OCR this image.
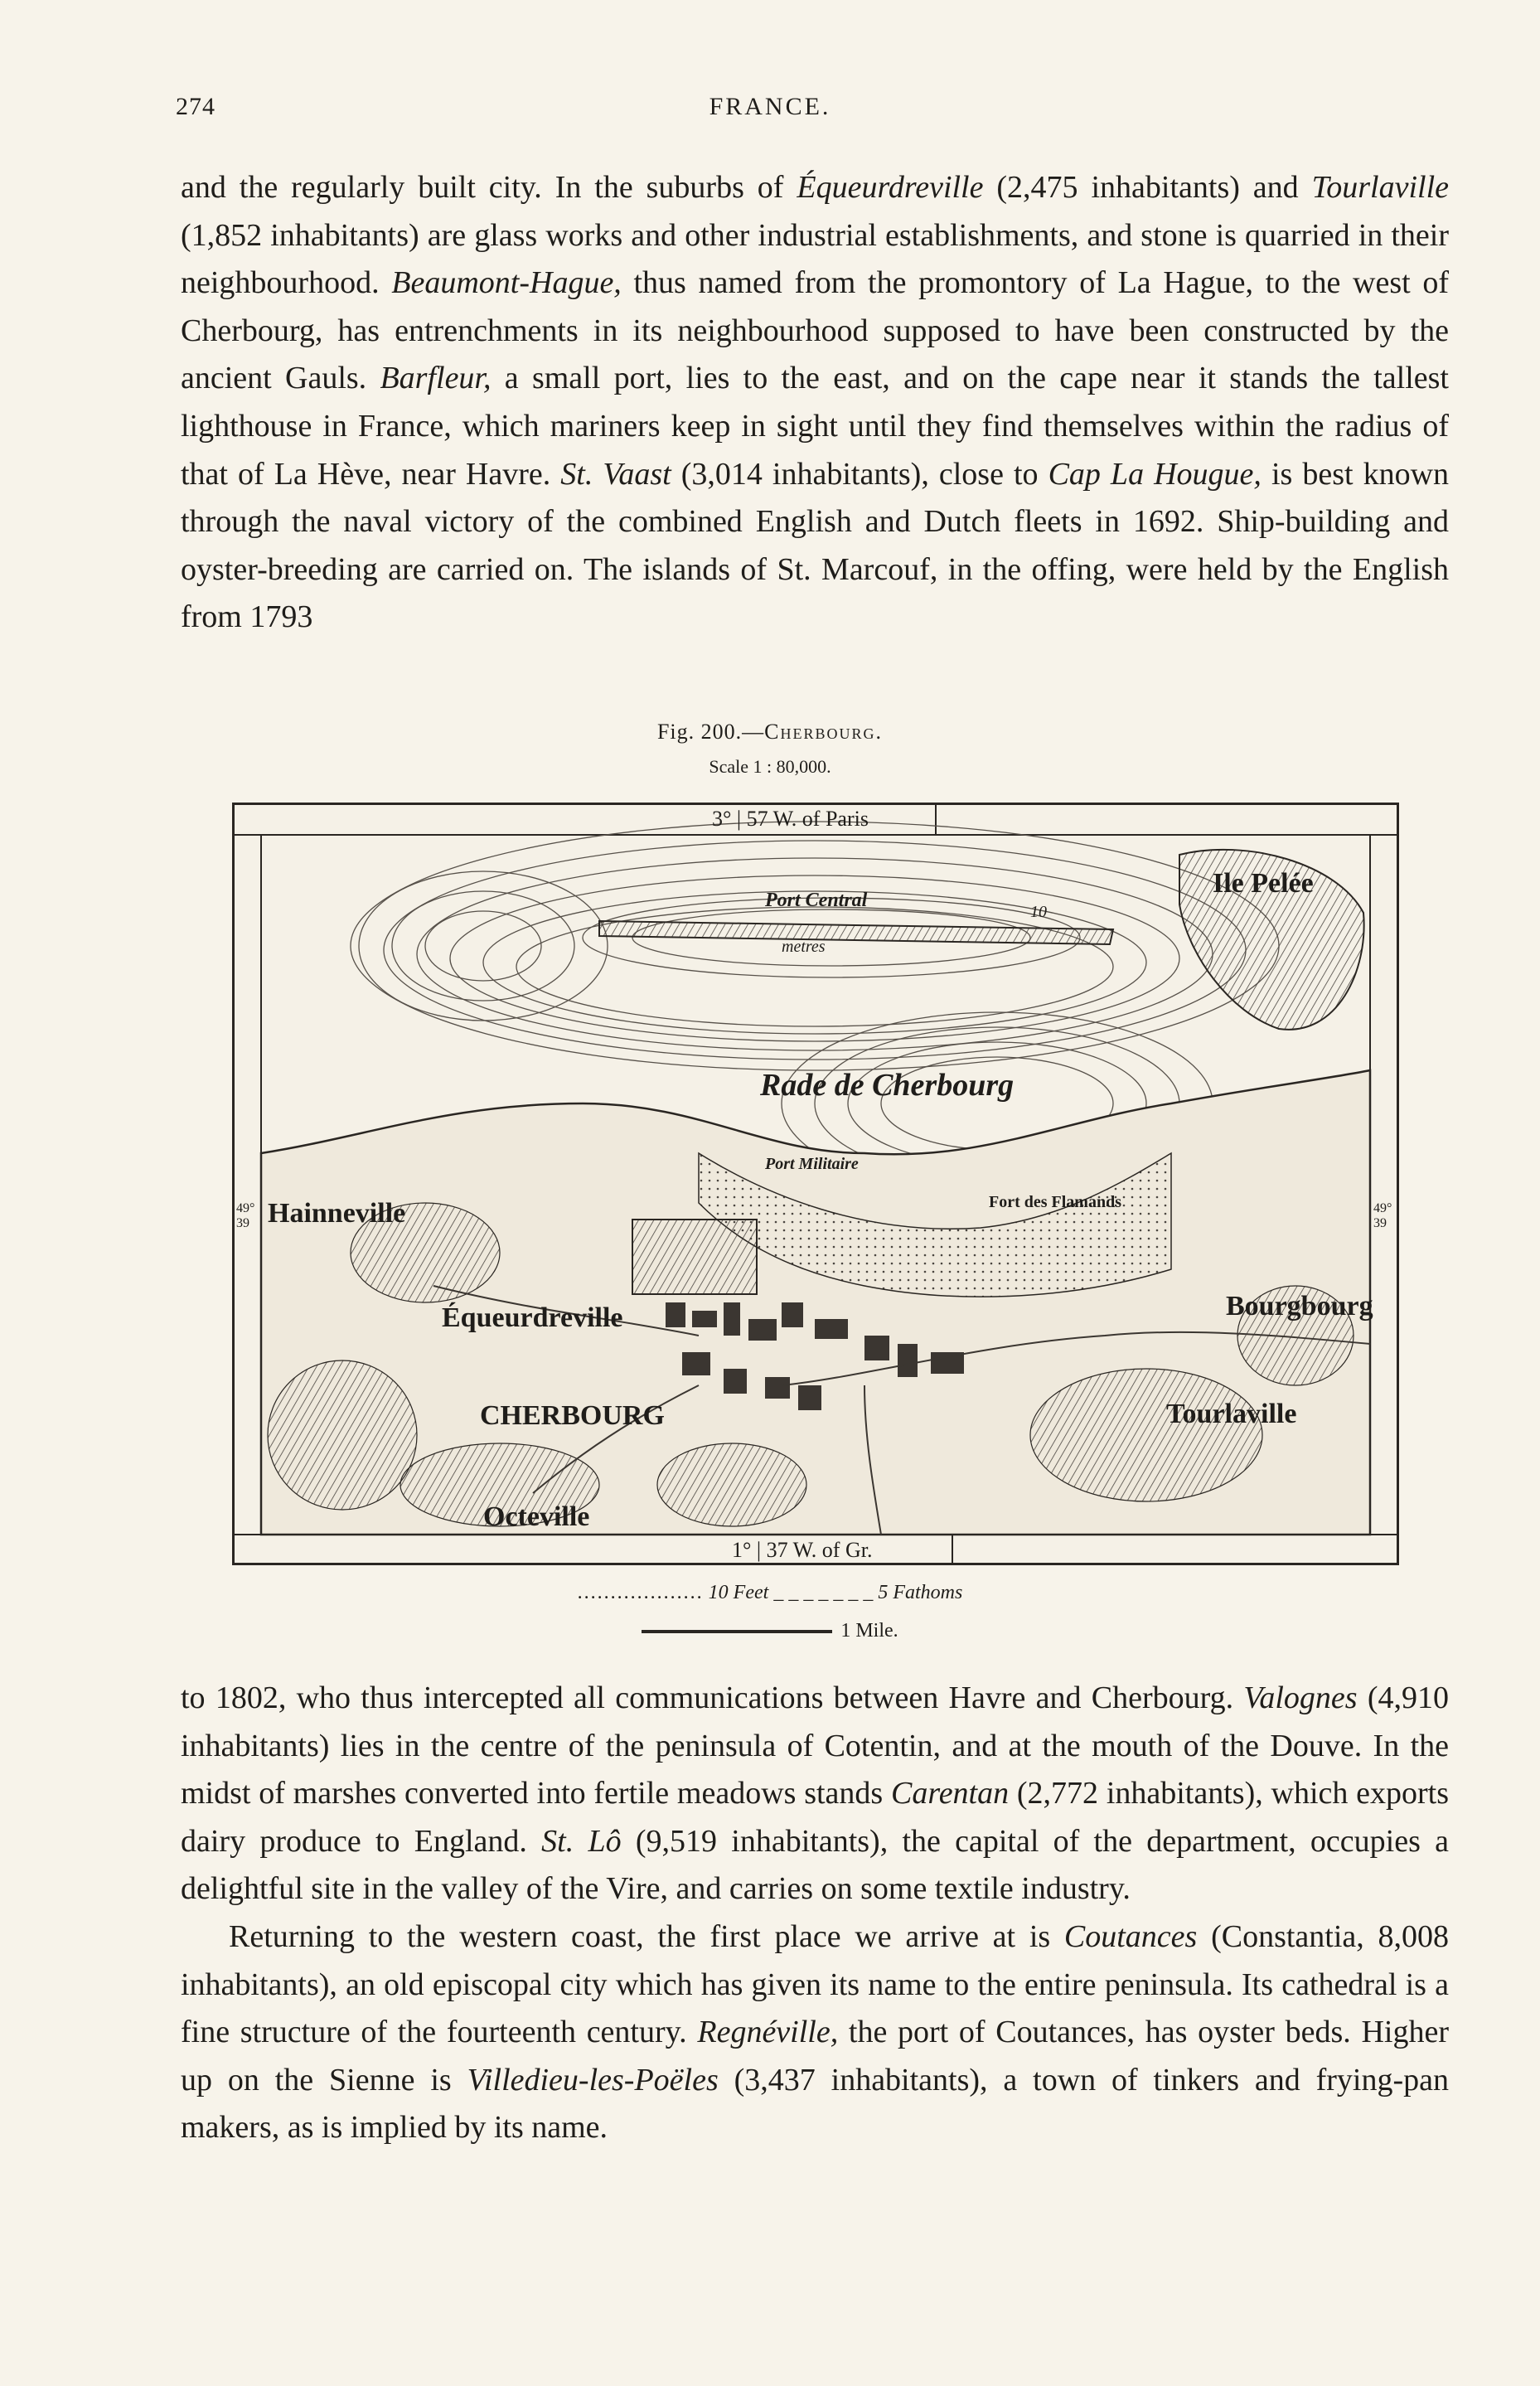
274	FRANCE.

and the regularly built city. In the suburbs of Équeurdreville (2,475 inhabitants) and Tourlaville (1,852 inhabitants) are glass works and other industrial establishments, and stone is quarried in their neighbourhood. Beaumont-Hague, thus named from the promontory of La Hague, to the west of Cherbourg, has entrenchments in its neighbourhood supposed to have been constructed by the ancient Gauls. Barfleur, a small port, lies to the east, and on the cape near it stands the tallest lighthouse in France, which mariners keep in sight until they find themselves within the radius of that of La Hève, near Havre. St. Vaast (3,014 inhabitants), close to Cap La Hougue, is best known through the naval victory of the combined English and Dutch fleets in 1692. Ship-building and oyster-breeding are carried on. The islands of St. Marcouf, in the offing, were held by the English from 1793

Fig. 200.—Cherbourg.
Scale 1 : 80,000.
3° | 57 W. of Paris
1° | 37 W. of Gr.
49°
39
49°
39
Port Central
10
metres
Ile Pelée
Rade de Cherbourg
Port Militaire
Fort des Flamands
Hainneville
Équeurdreville
CHERBOURG
Bourgbourg
Tourlaville
Octeville
................... 10 Feet _ _ _ _ _ _ _ 5 Fathoms
1 Mile.

to 1802, who thus intercepted all communications between Havre and Cherbourg. Valognes (4,910 inhabitants) lies in the centre of the peninsula of Cotentin, and at the mouth of the Douve. In the midst of marshes converted into fertile meadows stands Carentan (2,772 inhabitants), which exports dairy produce to England. St. Lô (9,519 inhabitants), the capital of the department, occupies a delightful site in the valley of the Vire, and carries on some textile industry.

Returning to the western coast, the first place we arrive at is Coutances (Constantia, 8,008 inhabitants), an old episcopal city which has given its name to the entire peninsula. Its cathedral is a fine structure of the fourteenth century. Regnéville, the port of Coutances, has oyster beds. Higher up on the Sienne is Villedieu-les-Poëles (3,437 inhabitants), a town of tinkers and frying-pan makers, as is implied by its name.
